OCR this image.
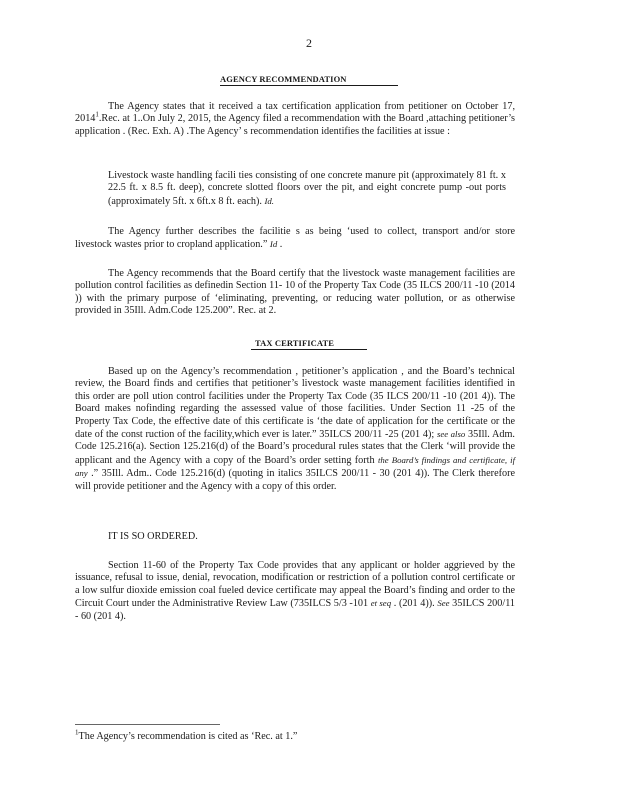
2
AGENCY RECOMMENDATION
The Agency states that it received a tax certification application from petitioner on October 17, 2014$^1$.Rec. at 1..On July 2, 2015, the Agency filed a recommendation with the Board ,attaching petitioner’s application . (Rec. Exh. A) .The Agency’ s recommendation identifies the facilities at issue :
Livestock waste handling facili ties consisting of one concrete manure pit (approximately 81 ft. x 22.5 ft. x 8.5 ft. deep), concrete slotted floors over the pit, and eight concrete pump -out ports (approximately 5ft. x 6ft.x 8 ft. each). Id.
The Agency further describes the facilitie s as being ‘used to collect, transport and/or store livestock wastes prior to cropland application.” Id .
The Agency recommends that the Board certify that the livestock waste management facilities are pollution control facilities as definedin Section 11- 10 of the Property Tax Code (35 ILCS 200/11 -10 (2014 )) with the primary purpose of ‘eliminating, preventing, or reducing water pollution, or as otherwise provided in 35Ill. Adm.Code 125.200”. Rec. at 2.
TAX CERTIFICATE
Based up on the Agency’s recommendation , petitioner’s application , and the Board’s technical review, the Board finds and certifies that petitioner’s livestock waste management facilities identified in this order are poll ution control facilities under the Property Tax Code (35 ILCS 200/11 -10 (201 4)). The Board makes nofinding regarding the assessed value of those facilities. Under Section 11 -25 of the Property Tax Code, the effective date of this certificate is ‘the date of application for the certificate or the date of the const ruction of the facility,which ever is later.” 35ILCS 200/11 -25 (201 4); see also 35Ill. Adm. Code 125.216(a). Section 125.216(d) of the Board’s procedural rules states that the Clerk ‘will provide the applicant and the Agency with a copy of the Board’s order setting forth the Board’s findings and certificate, if any .” 35Ill. Adm.. Code 125.216(d) (quoting in italics 35ILCS 200/11 - 30 (201 4)). The Clerk therefore will provide petitioner and the Agency with a copy of this order.
IT IS SO ORDERED.
Section 11-60 of the Property Tax Code provides that any applicant or holder aggrieved by the issuance, refusal to issue, denial, revocation, modification or restriction of a pollution control certificate or a low sulfur dioxide emission coal fueled device certificate may appeal the Board’s finding and order to the Circuit Court under the Administrative Review Law (735ILCS 5/3 -101 et seq . (201 4)). See 35ILCS 200/11 - 60 (201 4).
$^1$The Agency’s recommendation is cited as ‘Rec. at 1.”
